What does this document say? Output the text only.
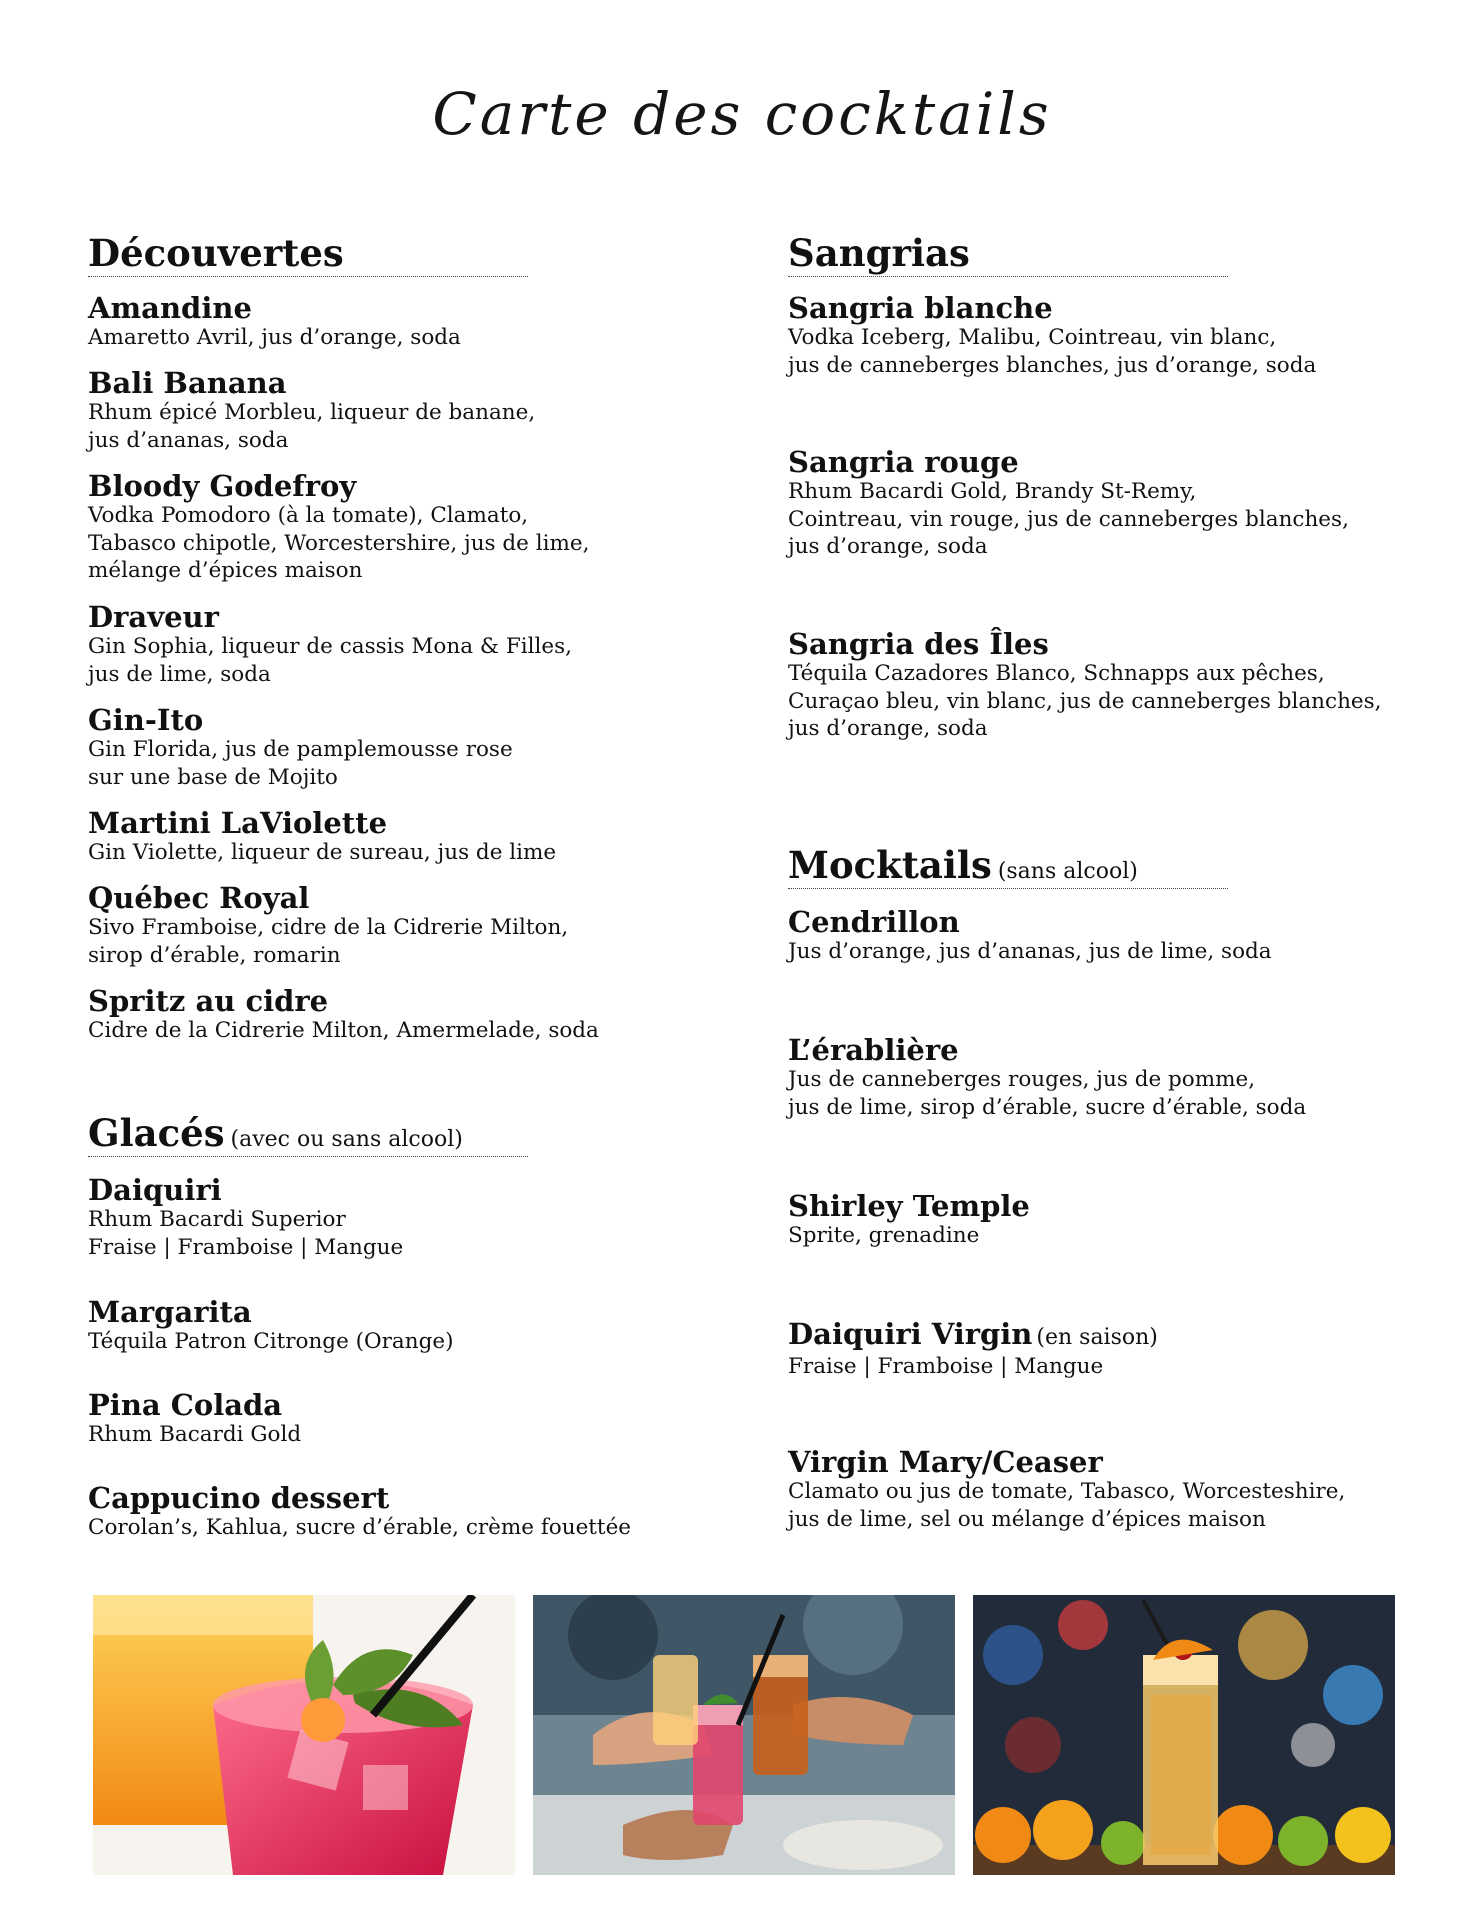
Carte des cocktails
Découvertes
Amandine
Amaretto Avril, jus d’orange, soda
Bali Banana
Rhum épicé Morbleu, liqueur de banane,
jus d’ananas, soda
Bloody Godefroy
Vodka Pomodoro (à la tomate), Clamato,
Tabasco chipotle, Worcestershire, jus de lime,
mélange d’épices maison
Draveur
Gin Sophia, liqueur de cassis Mona & Filles,
jus de lime, soda
Gin-Ito
Gin Florida, jus de pamplemousse rose
sur une base de Mojito
Martini LaViolette
Gin Violette, liqueur de sureau, jus de lime
Québec Royal
Sivo Framboise, cidre de la Cidrerie Milton,
sirop d’érable, romarin
Spritz au cidre
Cidre de la Cidrerie Milton, Amermelade, soda
Glacés (avec ou sans alcool)
Daiquiri
Rhum Bacardi Superior
Fraise | Framboise | Mangue
Margarita
Téquila Patron Citronge (Orange)
Pina Colada
Rhum Bacardi Gold
Cappucino dessert
Corolan’s, Kahlua, sucre d’érable, crème fouettée
Sangrias
Sangria blanche
Vodka Iceberg, Malibu, Cointreau, vin blanc,
jus de canneberges blanches, jus d’orange, soda
Sangria rouge
Rhum Bacardi Gold, Brandy St-Remy,
Cointreau, vin rouge, jus de canneberges blanches,
jus d’orange, soda
Sangria des Îles
Téquila Cazadores Blanco, Schnapps aux pêches,
Curaçao bleu, vin blanc, jus de canneberges blanches,
jus d’orange, soda
Mocktails (sans alcool)
Cendrillon
Jus d’orange, jus d’ananas, jus de lime, soda
L’érablière
Jus de canneberges rouges, jus de pomme,
jus de lime, sirop d’érable, sucre d’érable, soda
Shirley Temple
Sprite, grenadine
Daiquiri Virgin (en saison)
Fraise | Framboise | Mangue
Virgin Mary/Ceaser
Clamato ou jus de tomate, Tabasco, Worcesteshire,
jus de lime, sel ou mélange d’épices maison
